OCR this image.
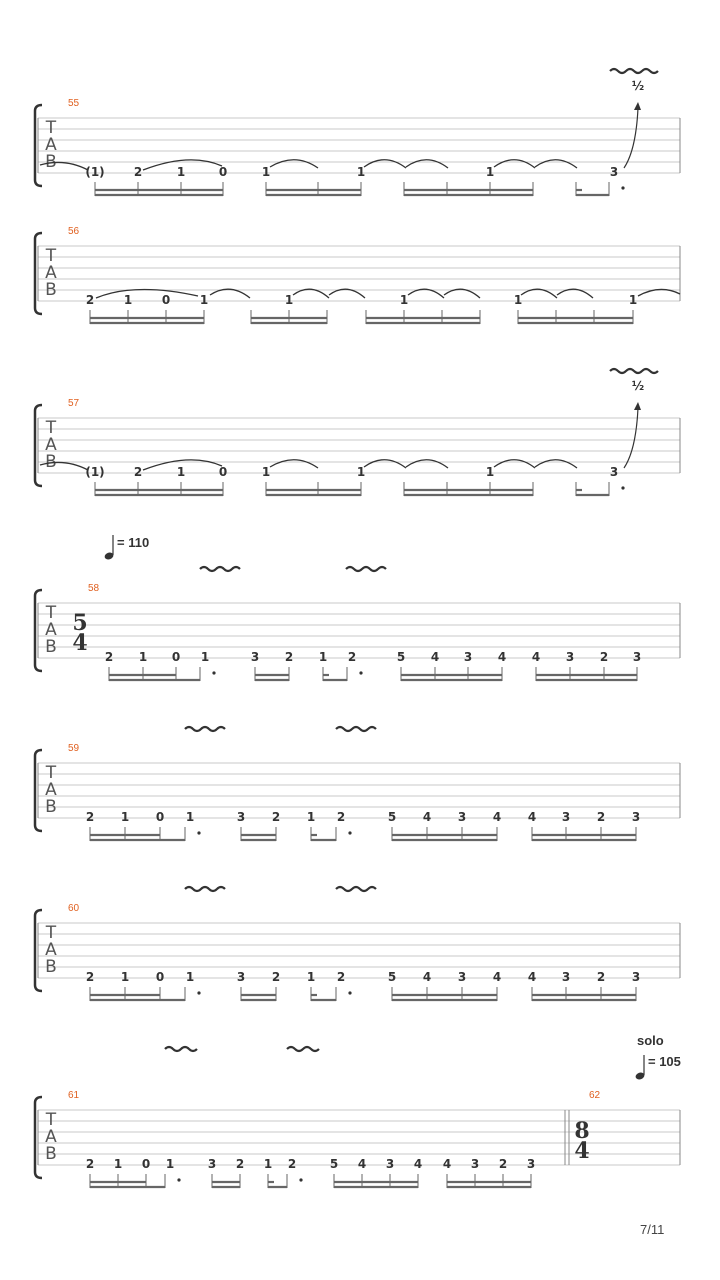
T
A
B
55
(1) 2	1	0	1	1	1	3
½
T
A
B
56
2 1 0 1	1	1	1	1
T
A
B
57
(1) 2	1	0	1	1	1	3
½
= 110
T
A
B
58
5
4
2 1 0 1	3 2 1 2	5 4 3 4 4 3 2 3
T
A
B
59
2 1 0 1	3 2 1 2	5 4 3 4 4 3 2 3
T
A
B
60
2 1 0 1	3 2 1 2	5 4 3 4 4 3 2 3
solo
= 105
T
A
B
61	62
8
4
2 1 0 1	3 2 1 2	5 4 3 4 4 3 2 3
7/11
